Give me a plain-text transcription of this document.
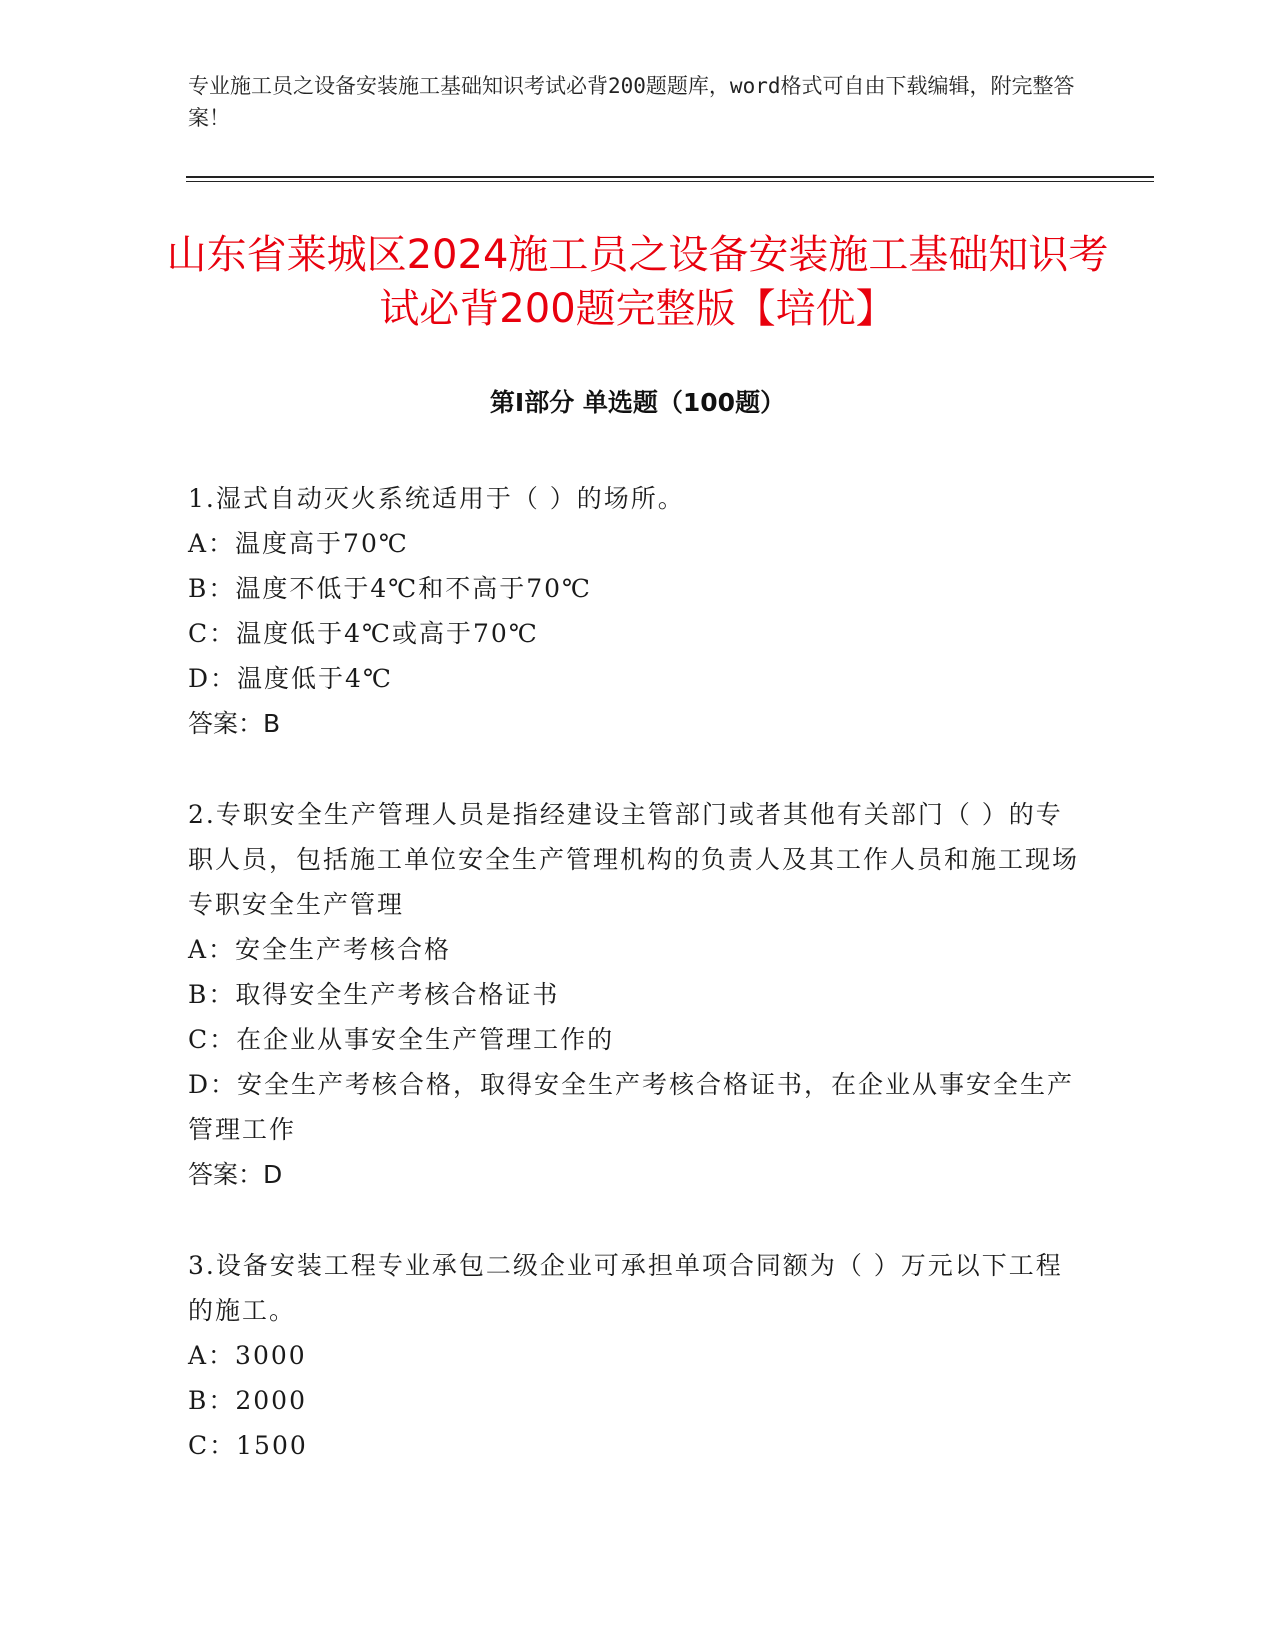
专业施工员之设备安装施工基础知识考试必背200题题库，word格式可自由下载编辑，附完整答案！
山东省莱城区2024施工员之设备安装施工基础知识考试必背200题完整版【培优】
第Ⅰ部分 单选题（100题）
1.湿式自动灭火系统适用于（ ）的场所。
A：温度高于70℃
B：温度不低于4℃和不高于70℃
C：温度低于4℃或高于70℃
D：温度低于4℃
答案：B
2.专职安全生产管理人员是指经建设主管部门或者其他有关部门（ ）的专职人员，包括施工单位安全生产管理机构的负责人及其工作人员和施工现场专职安全生产管理
A：安全生产考核合格
B：取得安全生产考核合格证书
C：在企业从事安全生产管理工作的
D：安全生产考核合格，取得安全生产考核合格证书，在企业从事安全生产管理工作
答案：D
3.设备安装工程专业承包二级企业可承担单项合同额为（ ）万元以下工程的施工。
A：3000
B：2000
C：1500
